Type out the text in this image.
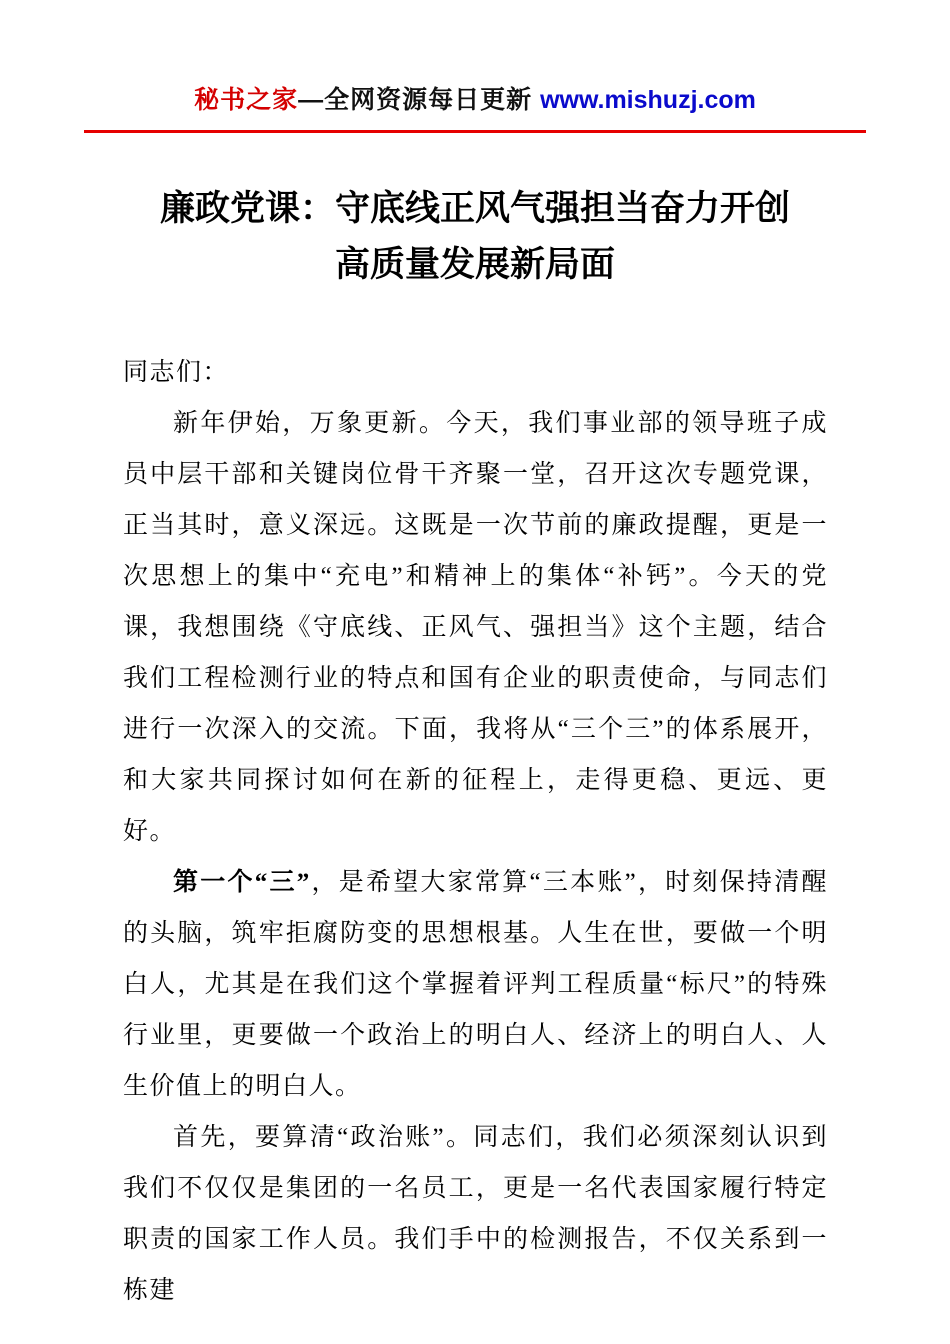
秘书之家—全网资源每日更新 www.mishuzj.com
廉政党课：守底线正风气强担当奋力开创
高质量发展新局面

同志们：

新年伊始，万象更新。今天，我们事业部的领导班子成员中层干部和关键岗位骨干齐聚一堂，召开这次专题党课，正当其时，意义深远。这既是一次节前的廉政提醒，更是一次思想上的集中“充电”和精神上的集体“补钙”。今天的党课，我想围绕《守底线、正风气、强担当》这个主题，结合我们工程检测行业的特点和国有企业的职责使命，与同志们进行一次深入的交流。下面，我将从“三个三”的体系展开，和大家共同探讨如何在新的征程上，走得更稳、更远、更好。

第一个“三”，是希望大家常算“三本账”，时刻保持清醒的头脑，筑牢拒腐防变的思想根基。人生在世，要做一个明白人，尤其是在我们这个掌握着评判工程质量“标尺”的特殊行业里，更要做一个政治上的明白人、经济上的明白人、人生价值上的明白人。

首先，要算清“政治账”。同志们，我们必须深刻认识到我们不仅仅是集团的一名员工，更是一名代表国家履行特定职责的国家工作人员。我们手中的检测报告，不仅关系到一栋建
